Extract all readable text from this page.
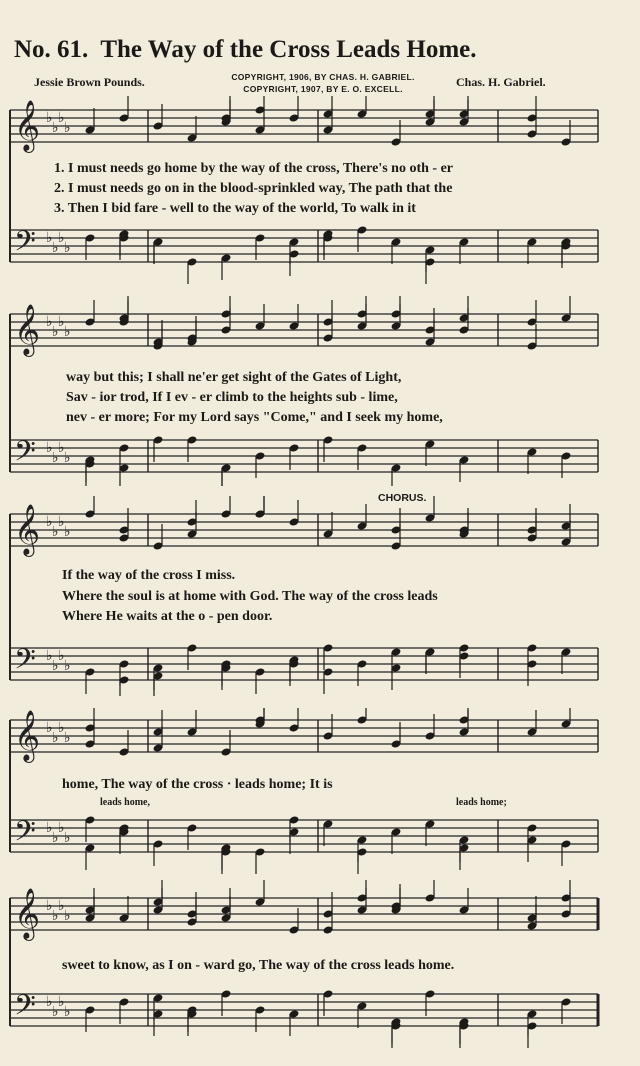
No. 61. The Way of the Cross Leads Home.
Jessie Brown Pounds.	COPYRIGHT, 1906, BY CHAS. H. GABRIEL.
COPYRIGHT, 1907, BY E. O. EXCELL.	Chas. H. Gabriel.
𝄞
𝄢
♭
♭
♭
♭
♭
♭
♭
♭
1. I must needs go home by the way of the cross, There's no oth - er
2. I must needs go on in the blood-sprinkled way, The path that the
3. Then I bid fare - well to the way of the world, To walk in it
𝄞
𝄢
♭
♭
♭
♭
♭
♭
♭
♭
way but this; I shall ne'er get sight of the Gates of Light,
Sav - ior trod, If I ev - er climb to the heights sub - lime,
nev - er more; For my Lord says "Come," and I seek my home,
CHORUS.
𝄞
𝄢
♭
♭
♭
♭
♭
♭
♭
♭
If the way of the cross I miss.
Where the soul is at home with God. The way of the cross leads
Where He waits at the o - pen door.
𝄞
𝄢
♭
♭
♭
♭
♭
♭
♭
♭
home, The way of the cross · leads home; It is
leads home,	leads home;
𝄞
𝄢
♭
♭
♭
♭
♭
♭
♭
♭
sweet to know, as I on - ward go, The way of the cross leads home.
